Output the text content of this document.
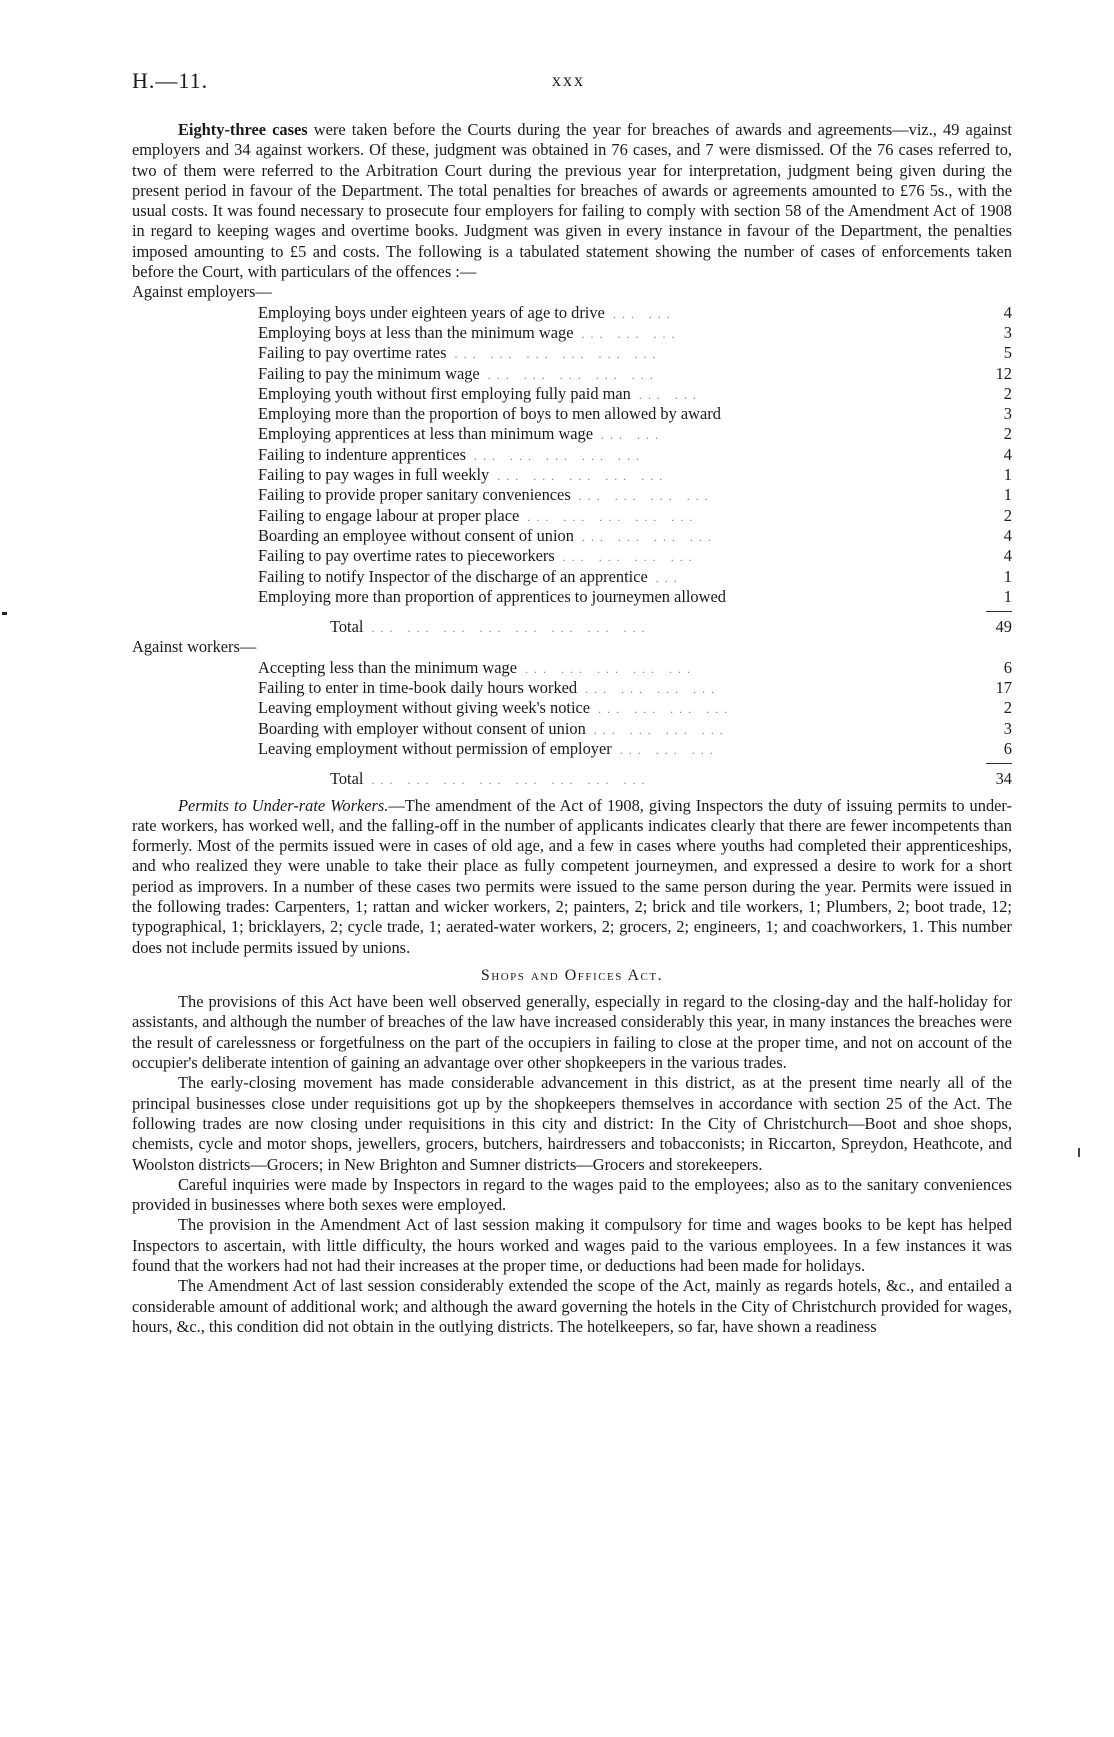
H.—11.	xxx

Eighty-three cases were taken before the Courts during the year for breaches of awards and agreements—viz., 49 against employers and 34 against workers. Of these, judgment was obtained in 76 cases, and 7 were dismissed. Of the 76 cases referred to, two of them were referred to the Arbitration Court during the previous year for interpretation, judgment being given during the present period in favour of the Department. The total penalties for breaches of awards or agreements amounted to £76 5s., with the usual costs. It was found necessary to prosecute four employers for failing to comply with section 58 of the Amendment Act of 1908 in regard to keeping wages and overtime books. Judgment was given in every instance in favour of the Department, the penalties imposed amounting to £5 and costs. The following is a tabulated statement showing the number of cases of enforcements taken before the Court, with particulars of the offences :—

Against employers—

Employing boys under eighteen years of age to drive ... ...	4
Employing boys at less than the minimum wage ... ... ...	3
Failing to pay overtime rates ... ... ... ... ... ...	5
Failing to pay the minimum wage ... ... ... ... ...	12
Employing youth without first employing fully paid man ... ...	2
Employing more than the proportion of boys to men allowed by award	3
Employing apprentices at less than minimum wage ... ...	2
Failing to indenture apprentices ... ... ... ... ...	4
Failing to pay wages in full weekly ... ... ... ... ...	1
Failing to provide proper sanitary conveniences ... ... ... ...	1
Failing to engage labour at proper place ... ... ... ... ...	2
Boarding an employee without consent of union ... ... ... ...	4
Failing to pay overtime rates to pieceworkers ... ... ... ...	4
Failing to notify Inspector of the discharge of an apprentice ...	1
Employing more than proportion of apprentices to journeymen allowed	1
Total ... ... ... ... ... ... ... ...	49

Against workers—

Accepting less than the minimum wage ... ... ... ... ...	6
Failing to enter in time-book daily hours worked ... ... ... ...	17
Leaving employment without giving week's notice ... ... ... ...	2
Boarding with employer without consent of union ... ... ... ...	3
Leaving employment without permission of employer ... ... ...	6
Total ... ... ... ... ... ... ... ...	34

Permits to Under-rate Workers.—The amendment of the Act of 1908, giving Inspectors the duty of issuing permits to under-rate workers, has worked well, and the falling-off in the number of applicants indicates clearly that there are fewer incompetents than formerly. Most of the permits issued were in cases of old age, and a few in cases where youths had completed their apprenticeships, and who realized they were unable to take their place as fully competent journeymen, and expressed a desire to work for a short period as improvers. In a number of these cases two permits were issued to the same person during the year. Permits were issued in the following trades: Carpenters, 1; rattan and wicker workers, 2; painters, 2; brick and tile workers, 1; Plumbers, 2; boot trade, 12; typographical, 1; bricklayers, 2; cycle trade, 1; aerated-water workers, 2; grocers, 2; engineers, 1; and coachworkers, 1. This number does not include permits issued by unions.

Shops and Offices Act.

The provisions of this Act have been well observed generally, especially in regard to the closing-day and the half-holiday for assistants, and although the number of breaches of the law have increased considerably this year, in many instances the breaches were the result of carelessness or forgetfulness on the part of the occupiers in failing to close at the proper time, and not on account of the occupier's deliberate intention of gaining an advantage over other shopkeepers in the various trades.

The early-closing movement has made considerable advancement in this district, as at the present time nearly all of the principal businesses close under requisitions got up by the shopkeepers themselves in accordance with section 25 of the Act. The following trades are now closing under requisitions in this city and district: In the City of Christchurch—Boot and shoe shops, chemists, cycle and motor shops, jewellers, grocers, butchers, hairdressers and tobacconists; in Riccarton, Spreydon, Heathcote, and Woolston districts—Grocers; in New Brighton and Sumner districts—Grocers and storekeepers.

Careful inquiries were made by Inspectors in regard to the wages paid to the employees; also as to the sanitary conveniences provided in businesses where both sexes were employed.

The provision in the Amendment Act of last session making it compulsory for time and wages books to be kept has helped Inspectors to ascertain, with little difficulty, the hours worked and wages paid to the various employees. In a few instances it was found that the workers had not had their increases at the proper time, or deductions had been made for holidays.

The Amendment Act of last session considerably extended the scope of the Act, mainly as regards hotels, &c., and entailed a considerable amount of additional work; and although the award governing the hotels in the City of Christchurch provided for wages, hours, &c., this condition did not obtain in the outlying districts. The hotelkeepers, so far, have shown a readiness
